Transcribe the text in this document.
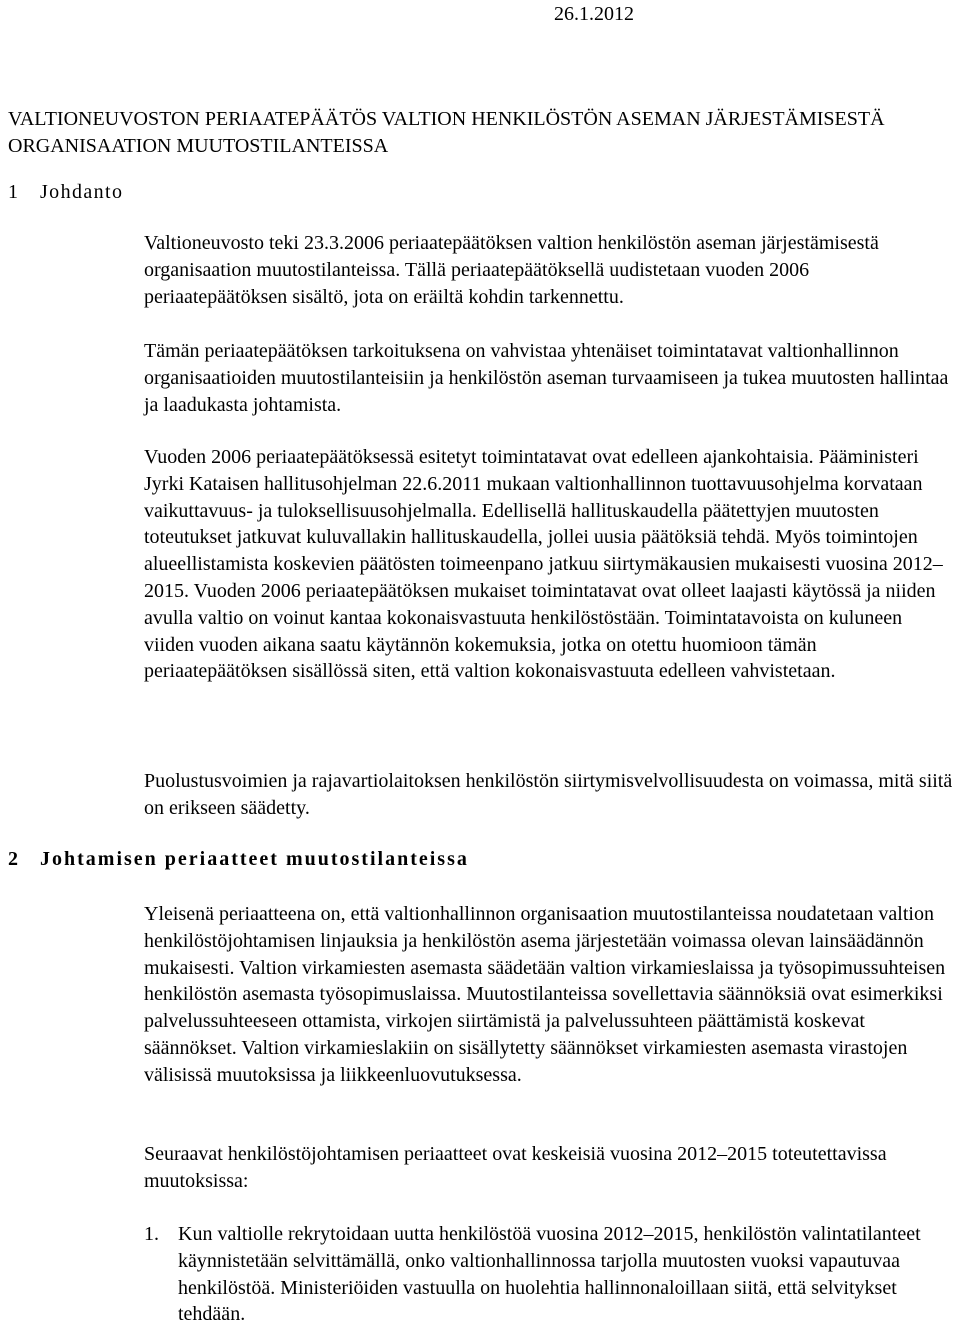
26.1.2012
VALTIONEUVOSTON PERIAATEPÄÄTÖS VALTION HENKILÖSTÖN ASEMAN JÄRJESTÄMISESTÄ ORGANISAATION MUUTOSTILANTEISSA
1 Johdanto

Valtioneuvosto teki 23.3.2006 periaatepäätöksen valtion henkilöstön aseman järjestämisestä organisaation muutostilanteissa. Tällä periaatepäätöksellä uudistetaan vuoden 2006 periaatepäätöksen sisältö, jota on eräiltä kohdin tarkennettu.

Tämän periaatepäätöksen tarkoituksena on vahvistaa yhtenäiset toimintatavat valtionhallinnon organisaatioiden muutostilanteisiin ja henkilöstön aseman turvaamiseen ja tukea muutosten hallintaa ja laadukasta johtamista.

Vuoden 2006 periaatepäätöksessä esitetyt toimintatavat ovat edelleen ajankohtaisia. Pääministeri Jyrki Kataisen hallitusohjelman 22.6.2011 mukaan valtionhallinnon tuottavuusohjelma korvataan vaikuttavuus- ja tuloksellisuusohjelmalla. Edellisellä hallituskaudella päätettyjen muutosten toteutukset jatkuvat kuluvallakin hallituskaudella, jollei uusia päätöksiä tehdä. Myös toimintojen alueellistamista koskevien päätösten toimeenpano jatkuu siirtymäkausien mukaisesti vuosina 2012–2015. Vuoden 2006 periaatepäätöksen mukaiset toimintatavat ovat olleet laajasti käytössä ja niiden avulla valtio on voinut kantaa kokonaisvastuuta henkilöstöstään. Toimintatavoista on kuluneen viiden vuoden aikana saatu käytännön kokemuksia, jotka on otettu huomioon tämän periaatepäätöksen sisällössä siten, että valtion kokonaisvastuuta edelleen vahvistetaan.

Puolustusvoimien ja rajavartiolaitoksen henkilöstön siirtymisvelvollisuudesta on voimassa, mitä siitä on erikseen säädetty.

2 Johtamisen periaatteet muutostilanteissa

Yleisenä periaatteena on, että valtionhallinnon organisaation muutostilanteissa noudatetaan valtion henkilöstöjohtamisen linjauksia ja henkilöstön asema järjestetään voimassa olevan lainsäädännön mukaisesti. Valtion virkamiesten asemasta säädetään valtion virkamieslaissa ja työsopimussuhteisen henkilöstön asemasta työsopimuslaissa. Muutostilanteissa sovellettavia säännöksiä ovat esimerkiksi palvelussuhteeseen ottamista, virkojen siirtämistä ja palvelussuhteen päättämistä koskevat säännökset. Valtion virkamieslakiin on sisällytetty säännökset virkamiesten asemasta virastojen välisissä muutoksissa ja liikkeenluovutuksessa.

Seuraavat henkilöstöjohtamisen periaatteet ovat keskeisiä vuosina 2012–2015 toteutettavissa muutoksissa:

1. Kun valtiolle rekrytoidaan uutta henkilöstöä vuosina 2012–2015, henkilöstön valintatilanteet käynnistetään selvittämällä, onko valtionhallinnossa tarjolla muutosten vuoksi vapautuvaa henkilöstöä. Ministeriöiden vastuulla on huolehtia hallinnonaloillaan siitä, että selvitykset tehdään.
